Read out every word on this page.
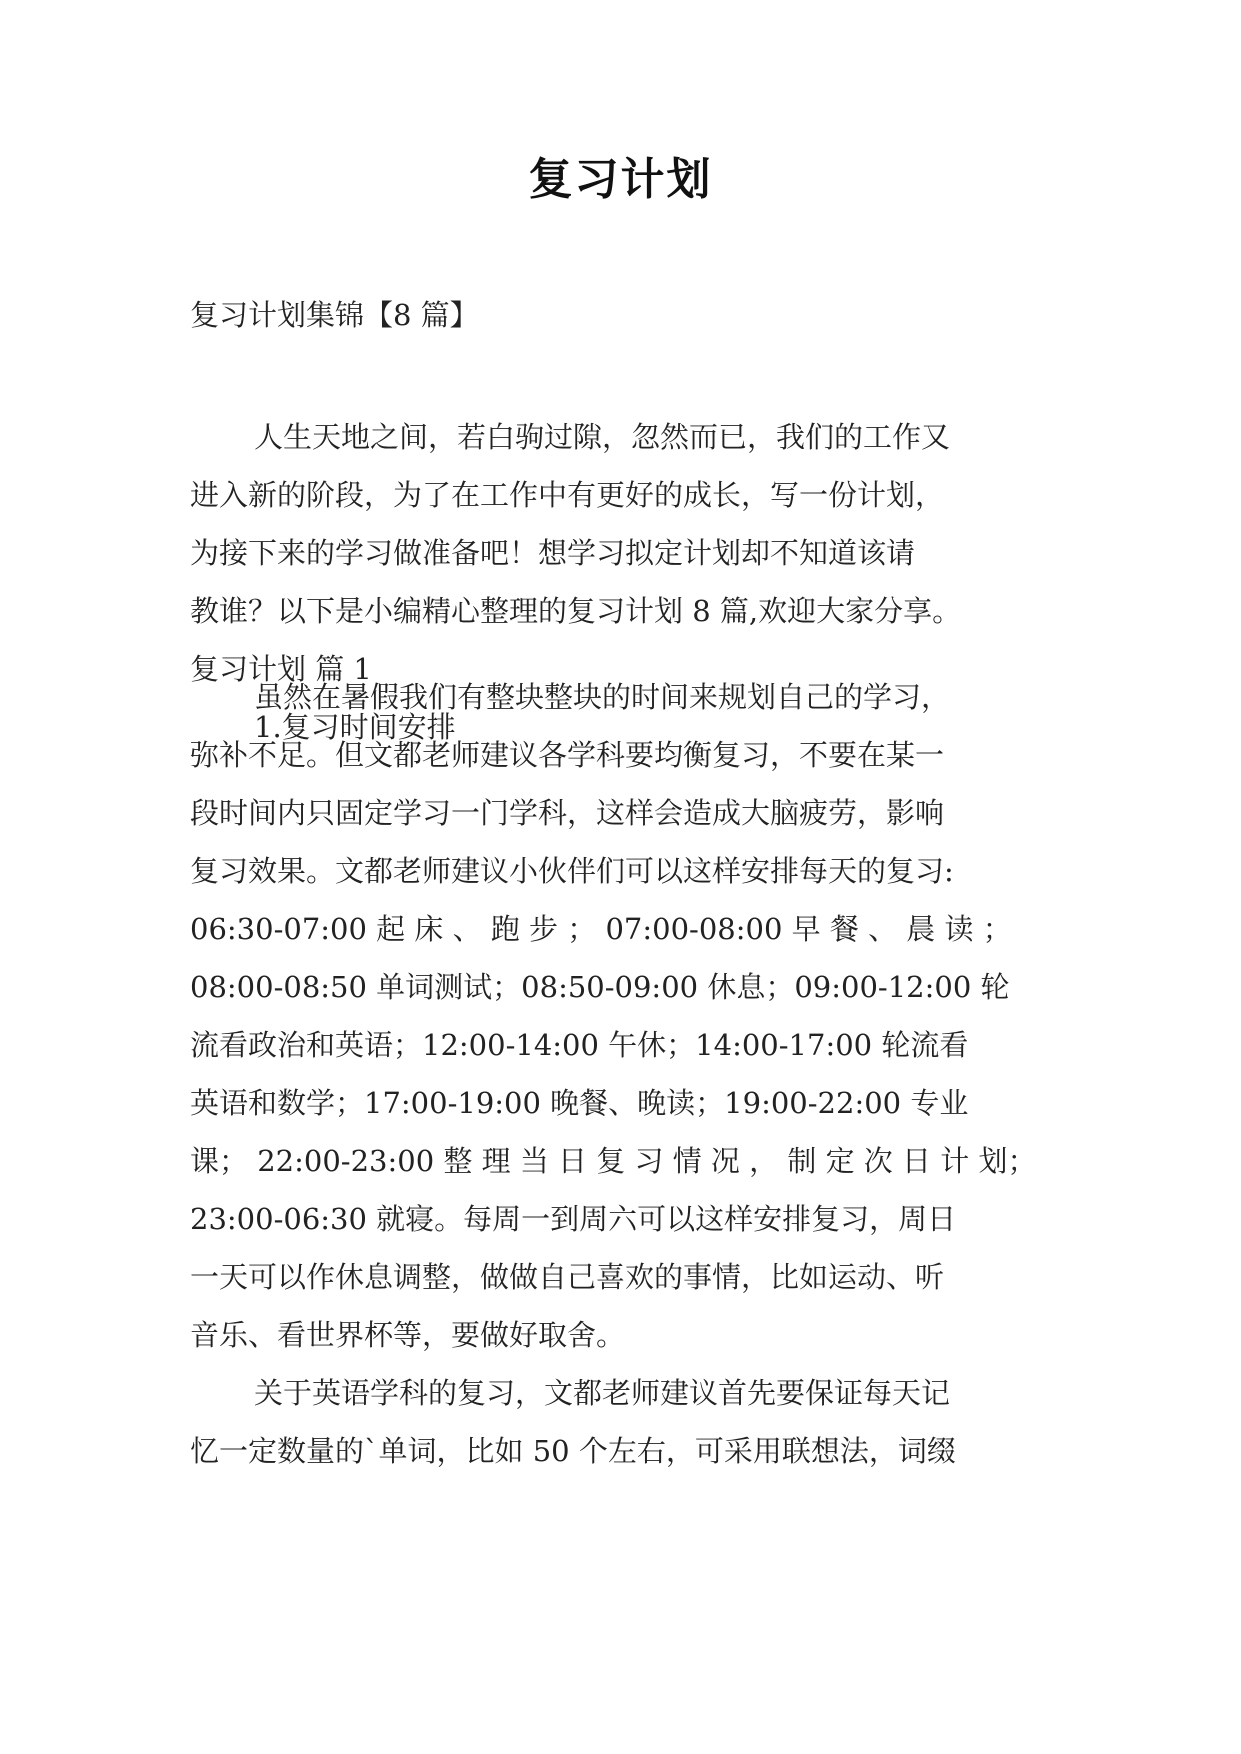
复习计划
复习计划集锦【8 篇】
人生天地之间，若白驹过隙，忽然而已，我们的工作又
进入新的阶段，为了在工作中有更好的成长，写一份计划，
为接下来的学习做准备吧！想学习拟定计划却不知道该请
教谁？以下是小编精心整理的复习计划 8 篇,欢迎大家分享。
复习计划 篇 1
1.复习时间安排
虽然在暑假我们有整块整块的时间来规划自己的学习，
弥补不足。但文都老师建议各学科要均衡复习，不要在某一
段时间内只固定学习一门学科，这样会造成大脑疲劳，影响
复习效果。文都老师建议小伙伴们可以这样安排每天的复习:
06:30-07:00 起 床 、 跑 步 ； 07:00-08:00 早 餐 、 晨 读 ；
08:00-08:50 单词测试；08:50-09:00 休息；09:00-12:00 轮
流看政治和英语；12:00-14:00 午休；14:00-17:00 轮流看
英语和数学；17:00-19:00 晚餐、晚读；19:00-22:00 专业
课； 22:00-23:00 整 理 当 日 复 习 情 况 ， 制 定 次 日 计 划；
23:00-06:30 就寝。每周一到周六可以这样安排复习，周日
一天可以作休息调整，做做自己喜欢的事情，比如运动、听
音乐、看世界杯等，要做好取舍。
关于英语学科的复习，文都老师建议首先要保证每天记
忆一定数量的`单词，比如 50 个左右，可采用联想法，词缀
